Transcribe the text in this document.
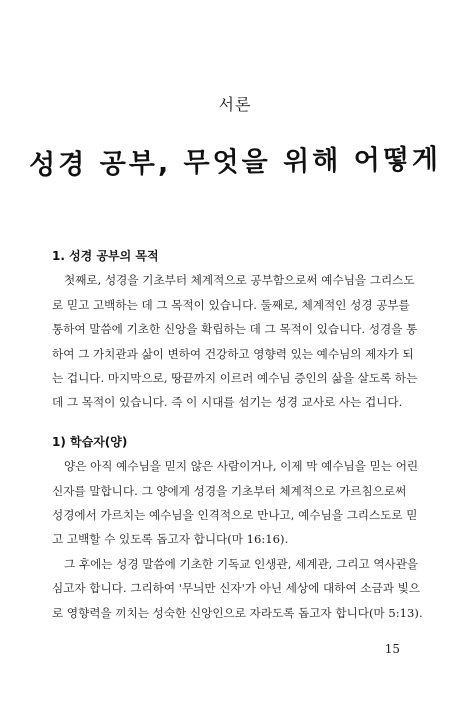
서론
성경 공부, 무엇을 위해 어떻게
1. 성경 공부의 목적

첫째로, 성경을 기초부터 체계적으로 공부함으로써 예수님을 그리스도
로 믿고 고백하는 데 그 목적이 있습니다. 둘째로, 체계적인 성경 공부를
통하여 말씀에 기초한 신앙을 확립하는 데 그 목적이 있습니다. 성경을 통
하여 그 가치관과 삶이 변하여 건강하고 영향력 있는 예수님의 제자가 되
는 겁니다. 마지막으로, 땅끝까지 이르러 예수님 증인의 삶을 살도록 하는
데 그 목적이 있습니다. 즉 이 시대를 섬기는 성경 교사로 사는 겁니다.

1) 학습자(양)

양은 아직 예수님을 믿지 않은 사람이거나, 이제 막 예수님을 믿는 어린
신자를 말합니다. 그 양에게 성경을 기초부터 체계적으로 가르침으로써
성경에서 가르치는 예수님을 인격적으로 만나고, 예수님을 그리스도로 믿
고 고백할 수 있도록 돕고자 합니다(마 16:16).

그 후에는 성경 말씀에 기초한 기독교 인생관, 세계관, 그리고 역사관을
심고자 합니다. 그리하여 '무늬만 신자'가 아닌 세상에 대하여 소금과 빛으
로 영향력을 끼치는 성숙한 신앙인으로 자라도록 돕고자 합니다(마 5:13).

15
